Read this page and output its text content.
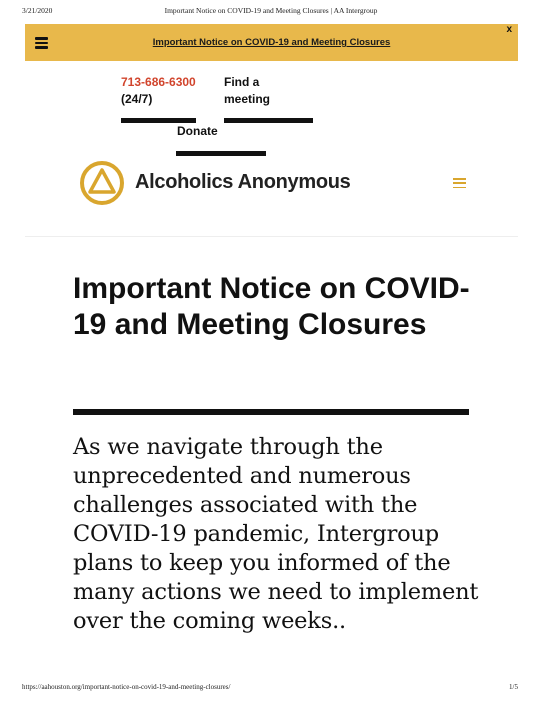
3/21/2020	Important Notice on COVID-19 and Meeting Closures | AA Intergroup
Important Notice on COVID-19 and Meeting Closures
x
713-686-6300
(24/7)
Find a meeting
Donate
Alcoholics Anonymous
Important Notice on COVID-19 and Meeting Closures

As we navigate through the unprecedented and numerous challenges associated with the COVID-19 pandemic, Intergroup plans to keep you informed of the many actions we need to implement over the coming weeks..

https://aahouston.org/important-notice-on-covid-19-and-meeting-closures/	1/5
